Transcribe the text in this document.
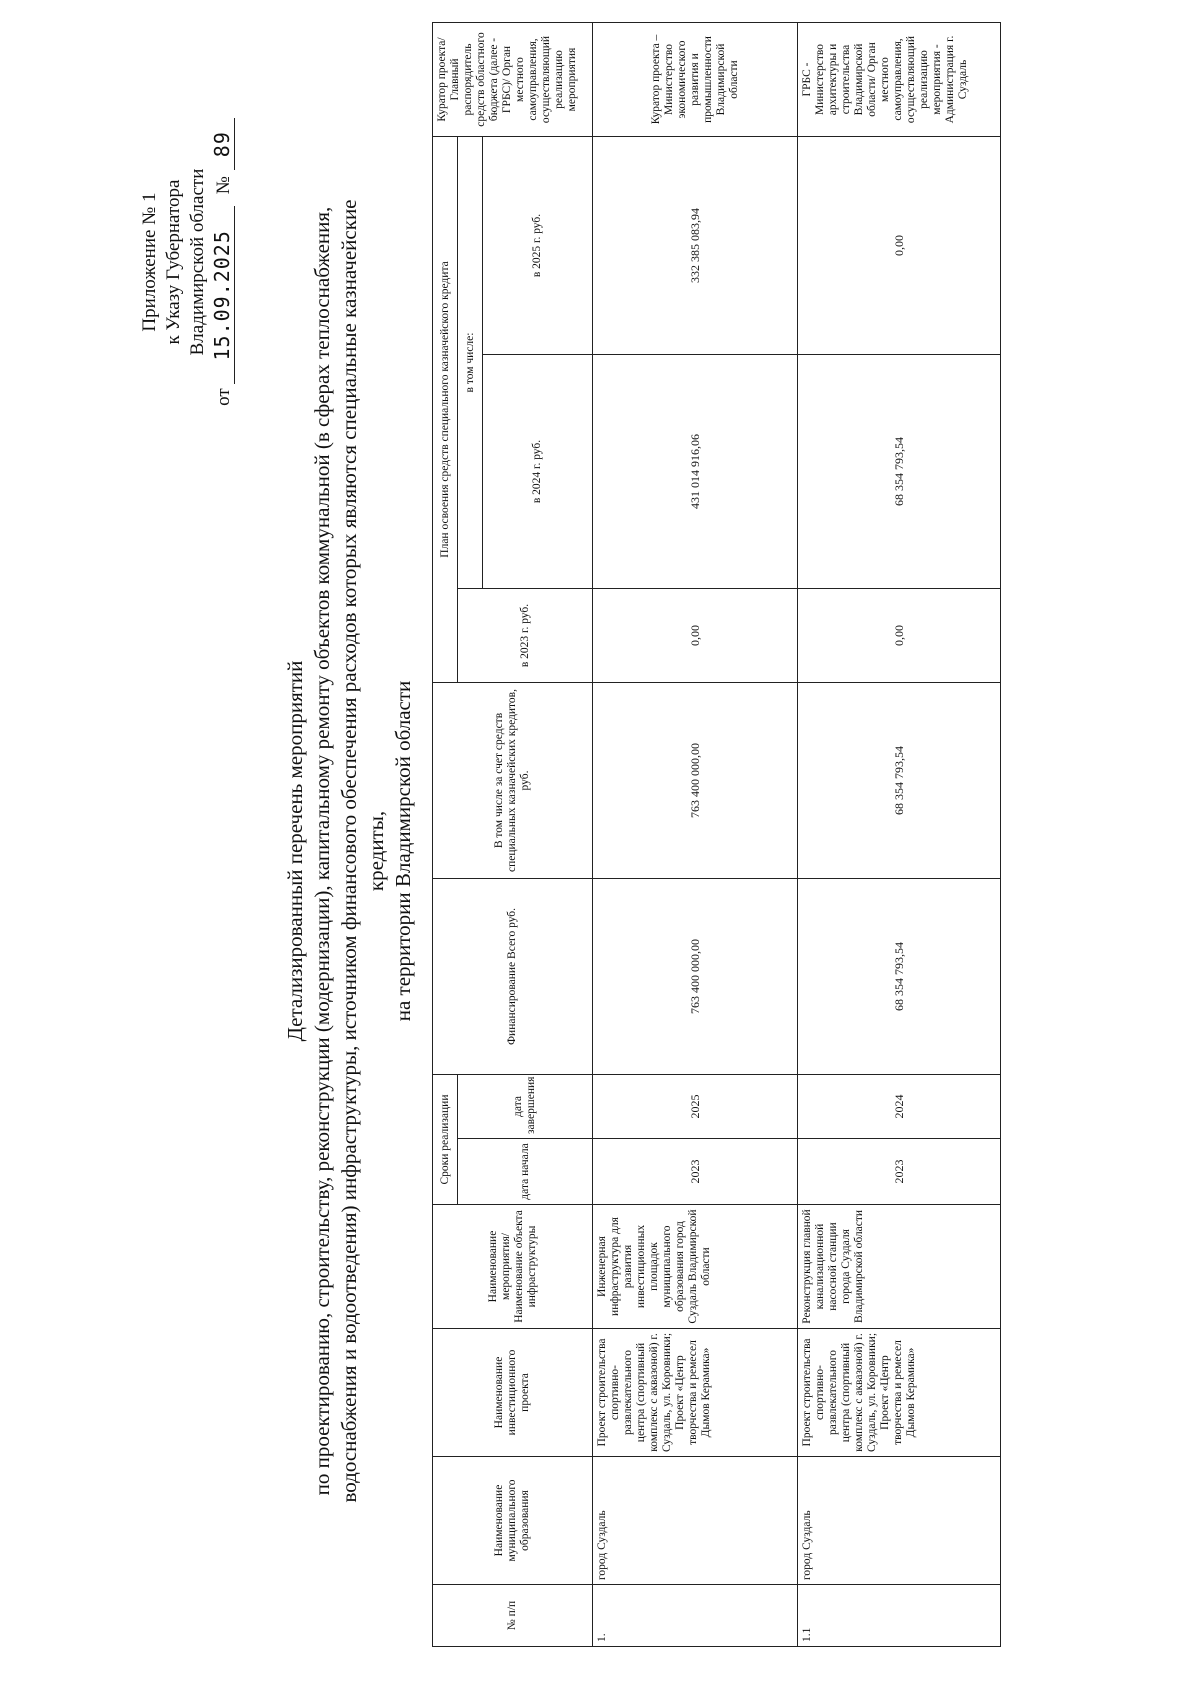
Приложение № 1 к Указу Губернатора Владимирской области
от15.09.2025№89
Детализированный перечень мероприятий по проектированию, строительству, реконструкции (модернизации), капитальному ремонту объектов коммунальной (в сферах теплоснабжения, водоснабжения и водоотведения) инфраструктуры, источником финансового обеспечения расходов которых являются специальные казначейские кредиты, на территории Владимирской области
№ п/п	Наименование муниципального образования	Наименование инвестиционного проекта	Наименование мероприятия/ Наименование объекта инфраструктуры	Сроки реализации		Финансирование Всего руб.	В том числе за счет средств специальных казначейских кредитов, руб.	План освоения средств специального казначейского кредита			Куратор проекта/ Главный распорядитель средств областного бюджета (далее - ГРБС)/ Орган местного самоуправления, осуществляющий реализацию мероприятия
				дата начала	дата завершения			в 2023 г. руб.	в том числе:		
									в 2024 г. руб.	в 2025 г. руб.	
1.	город Суздаль	Проект строительства спортивно-развлекательного центра (спортивный комплекс с аквазоной) г. Суздаль, ул. Коровники; Проект «Центр творчества и ремесел Дымов Керамика»	Инженерная инфраструктура для развития инвестиционных площадок муниципального образования город Суздаль Владимирской области	2023	2025	763 400 000,00	763 400 000,00	0,00	431 014 916,06	332 385 083,94	Куратор проекта – Министерство экономического развития и промышленности Владимирской области
1.1	город Суздаль	Проект строительства спортивно-развлекательного центра (спортивный комплекс с аквазоной) г. Суздаль, ул. Коровники; Проект «Центр творчества и ремесел Дымов Керамика»	Реконструкция главной канализационной насосной станции города Суздаля Владимирской области	2023	2024	68 354 793,54	68 354 793,54	0,00	68 354 793,54	0,00	ГРБС - Министерство архитектуры и строительства Владимирской области/ Орган местного самоуправления, осуществляющий реализацию мероприятия - Администрация г. Суздаль
